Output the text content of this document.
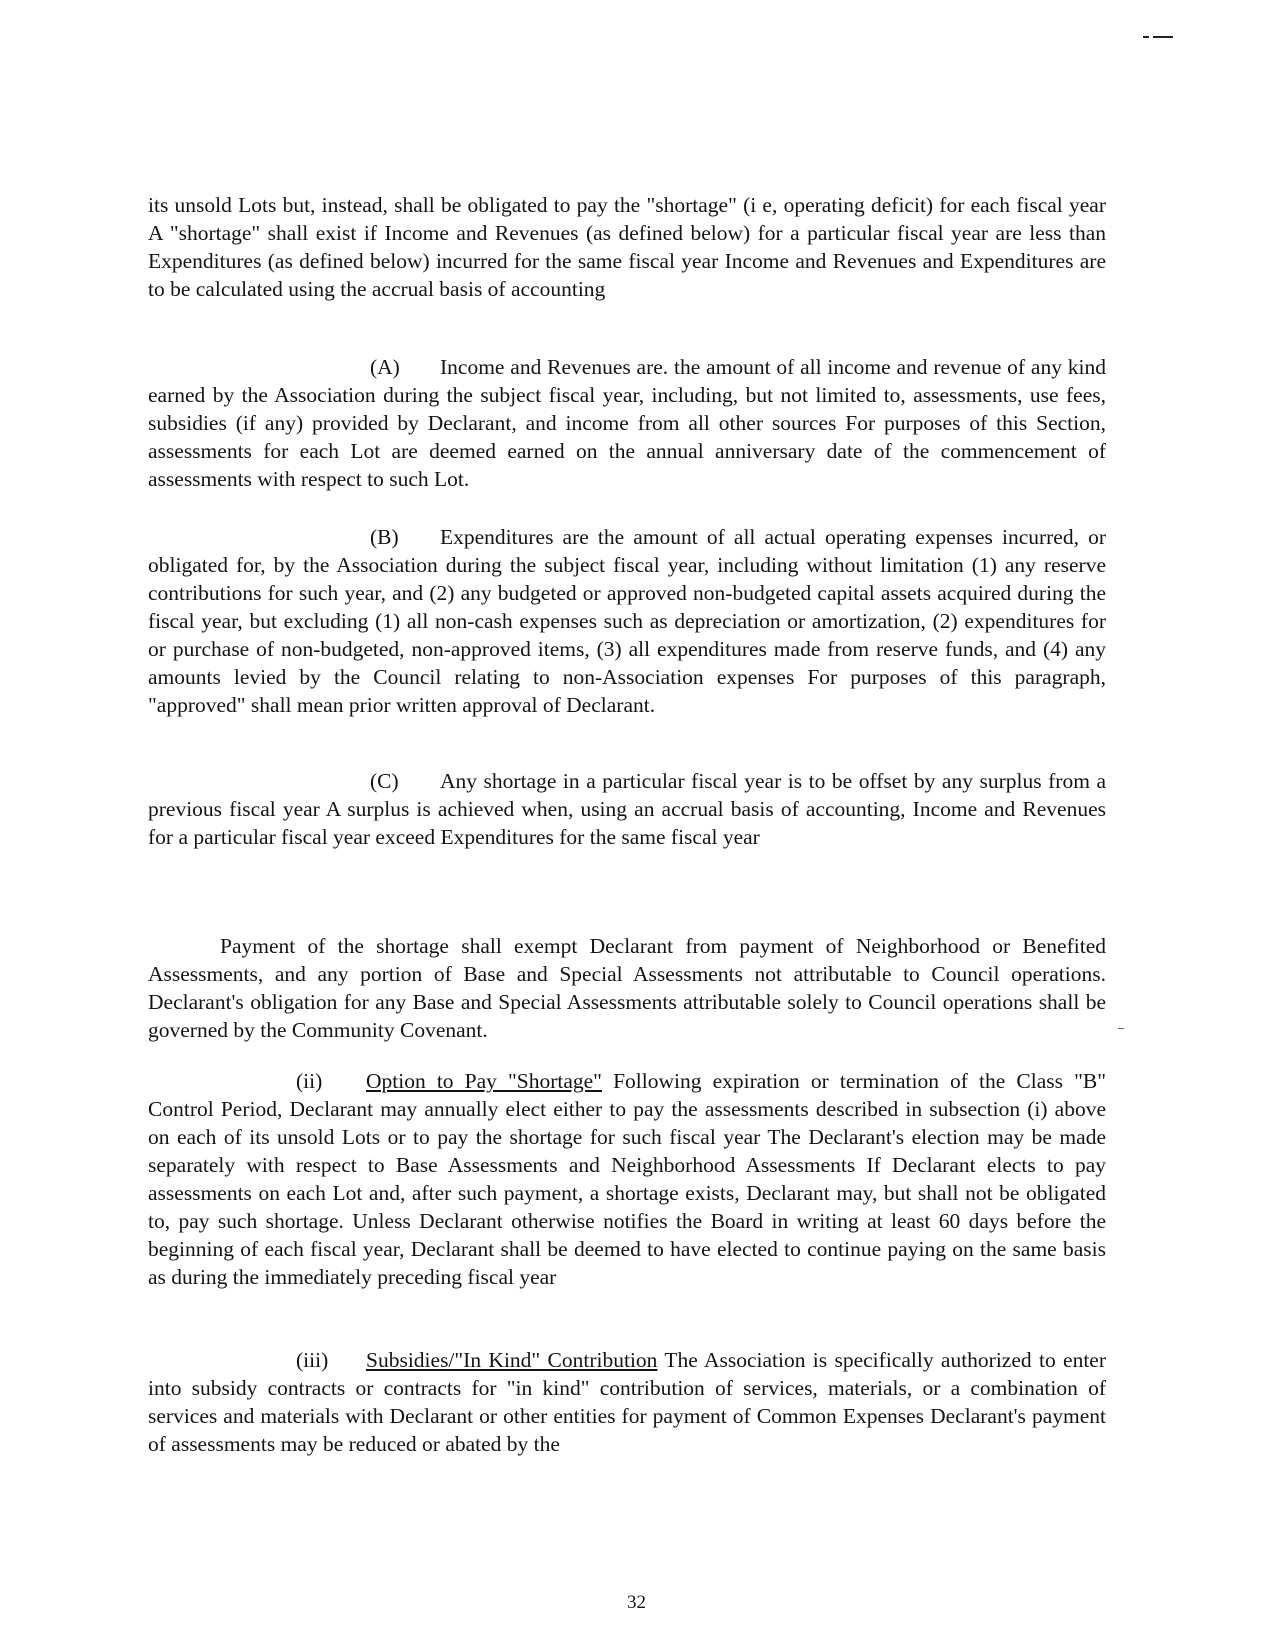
its unsold Lots but, instead, shall be obligated to pay the "shortage" (i e, operating deficit) for each fiscal year A "shortage" shall exist if Income and Revenues (as defined below) for a particular fiscal year are less than Expenditures (as defined below) incurred for the same fiscal year Income and Revenues and Expenditures are to be calculated using the accrual basis of accounting

(A) Income and Revenues are. the amount of all income and revenue of any kind earned by the Association during the subject fiscal year, including, but not limited to, assessments, use fees, subsidies (if any) provided by Declarant, and income from all other sources For purposes of this Section, assessments for each Lot are deemed earned on the annual anniversary date of the commencement of assessments with respect to such Lot.

(B) Expenditures are the amount of all actual operating expenses incurred, or obligated for, by the Association during the subject fiscal year, including without limitation (1) any reserve contributions for such year, and (2) any budgeted or approved non-budgeted capital assets acquired during the fiscal year, but excluding (1) all non-cash expenses such as depreciation or amortization, (2) expenditures for or purchase of non-budgeted, non-approved items, (3) all expenditures made from reserve funds, and (4) any amounts levied by the Council relating to non-Association expenses For purposes of this paragraph, "approved" shall mean prior written approval of Declarant.

(C) Any shortage in a particular fiscal year is to be offset by any surplus from a previous fiscal year A surplus is achieved when, using an accrual basis of accounting, Income and Revenues for a particular fiscal year exceed Expenditures for the same fiscal year

Payment of the shortage shall exempt Declarant from payment of Neighborhood or Benefited Assessments, and any portion of Base and Special Assessments not attributable to Council operations. Declarant's obligation for any Base and Special Assessments attributable solely to Council operations shall be governed by the Community Covenant.

(ii) Option to Pay "Shortage" Following expiration or termination of the Class "B" Control Period, Declarant may annually elect either to pay the assessments described in subsection (i) above on each of its unsold Lots or to pay the shortage for such fiscal year The Declarant's election may be made separately with respect to Base Assessments and Neighborhood Assessments If Declarant elects to pay assessments on each Lot and, after such payment, a shortage exists, Declarant may, but shall not be obligated to, pay such shortage. Unless Declarant otherwise notifies the Board in writing at least 60 days before the beginning of each fiscal year, Declarant shall be deemed to have elected to continue paying on the same basis as during the immediately preceding fiscal year

(iii) Subsidies/"In Kind" Contribution The Association is specifically authorized to enter into subsidy contracts or contracts for "in kind" contribution of services, materials, or a combination of services and materials with Declarant or other entities for payment of Common Expenses Declarant's payment of assessments may be reduced or abated by the

32
